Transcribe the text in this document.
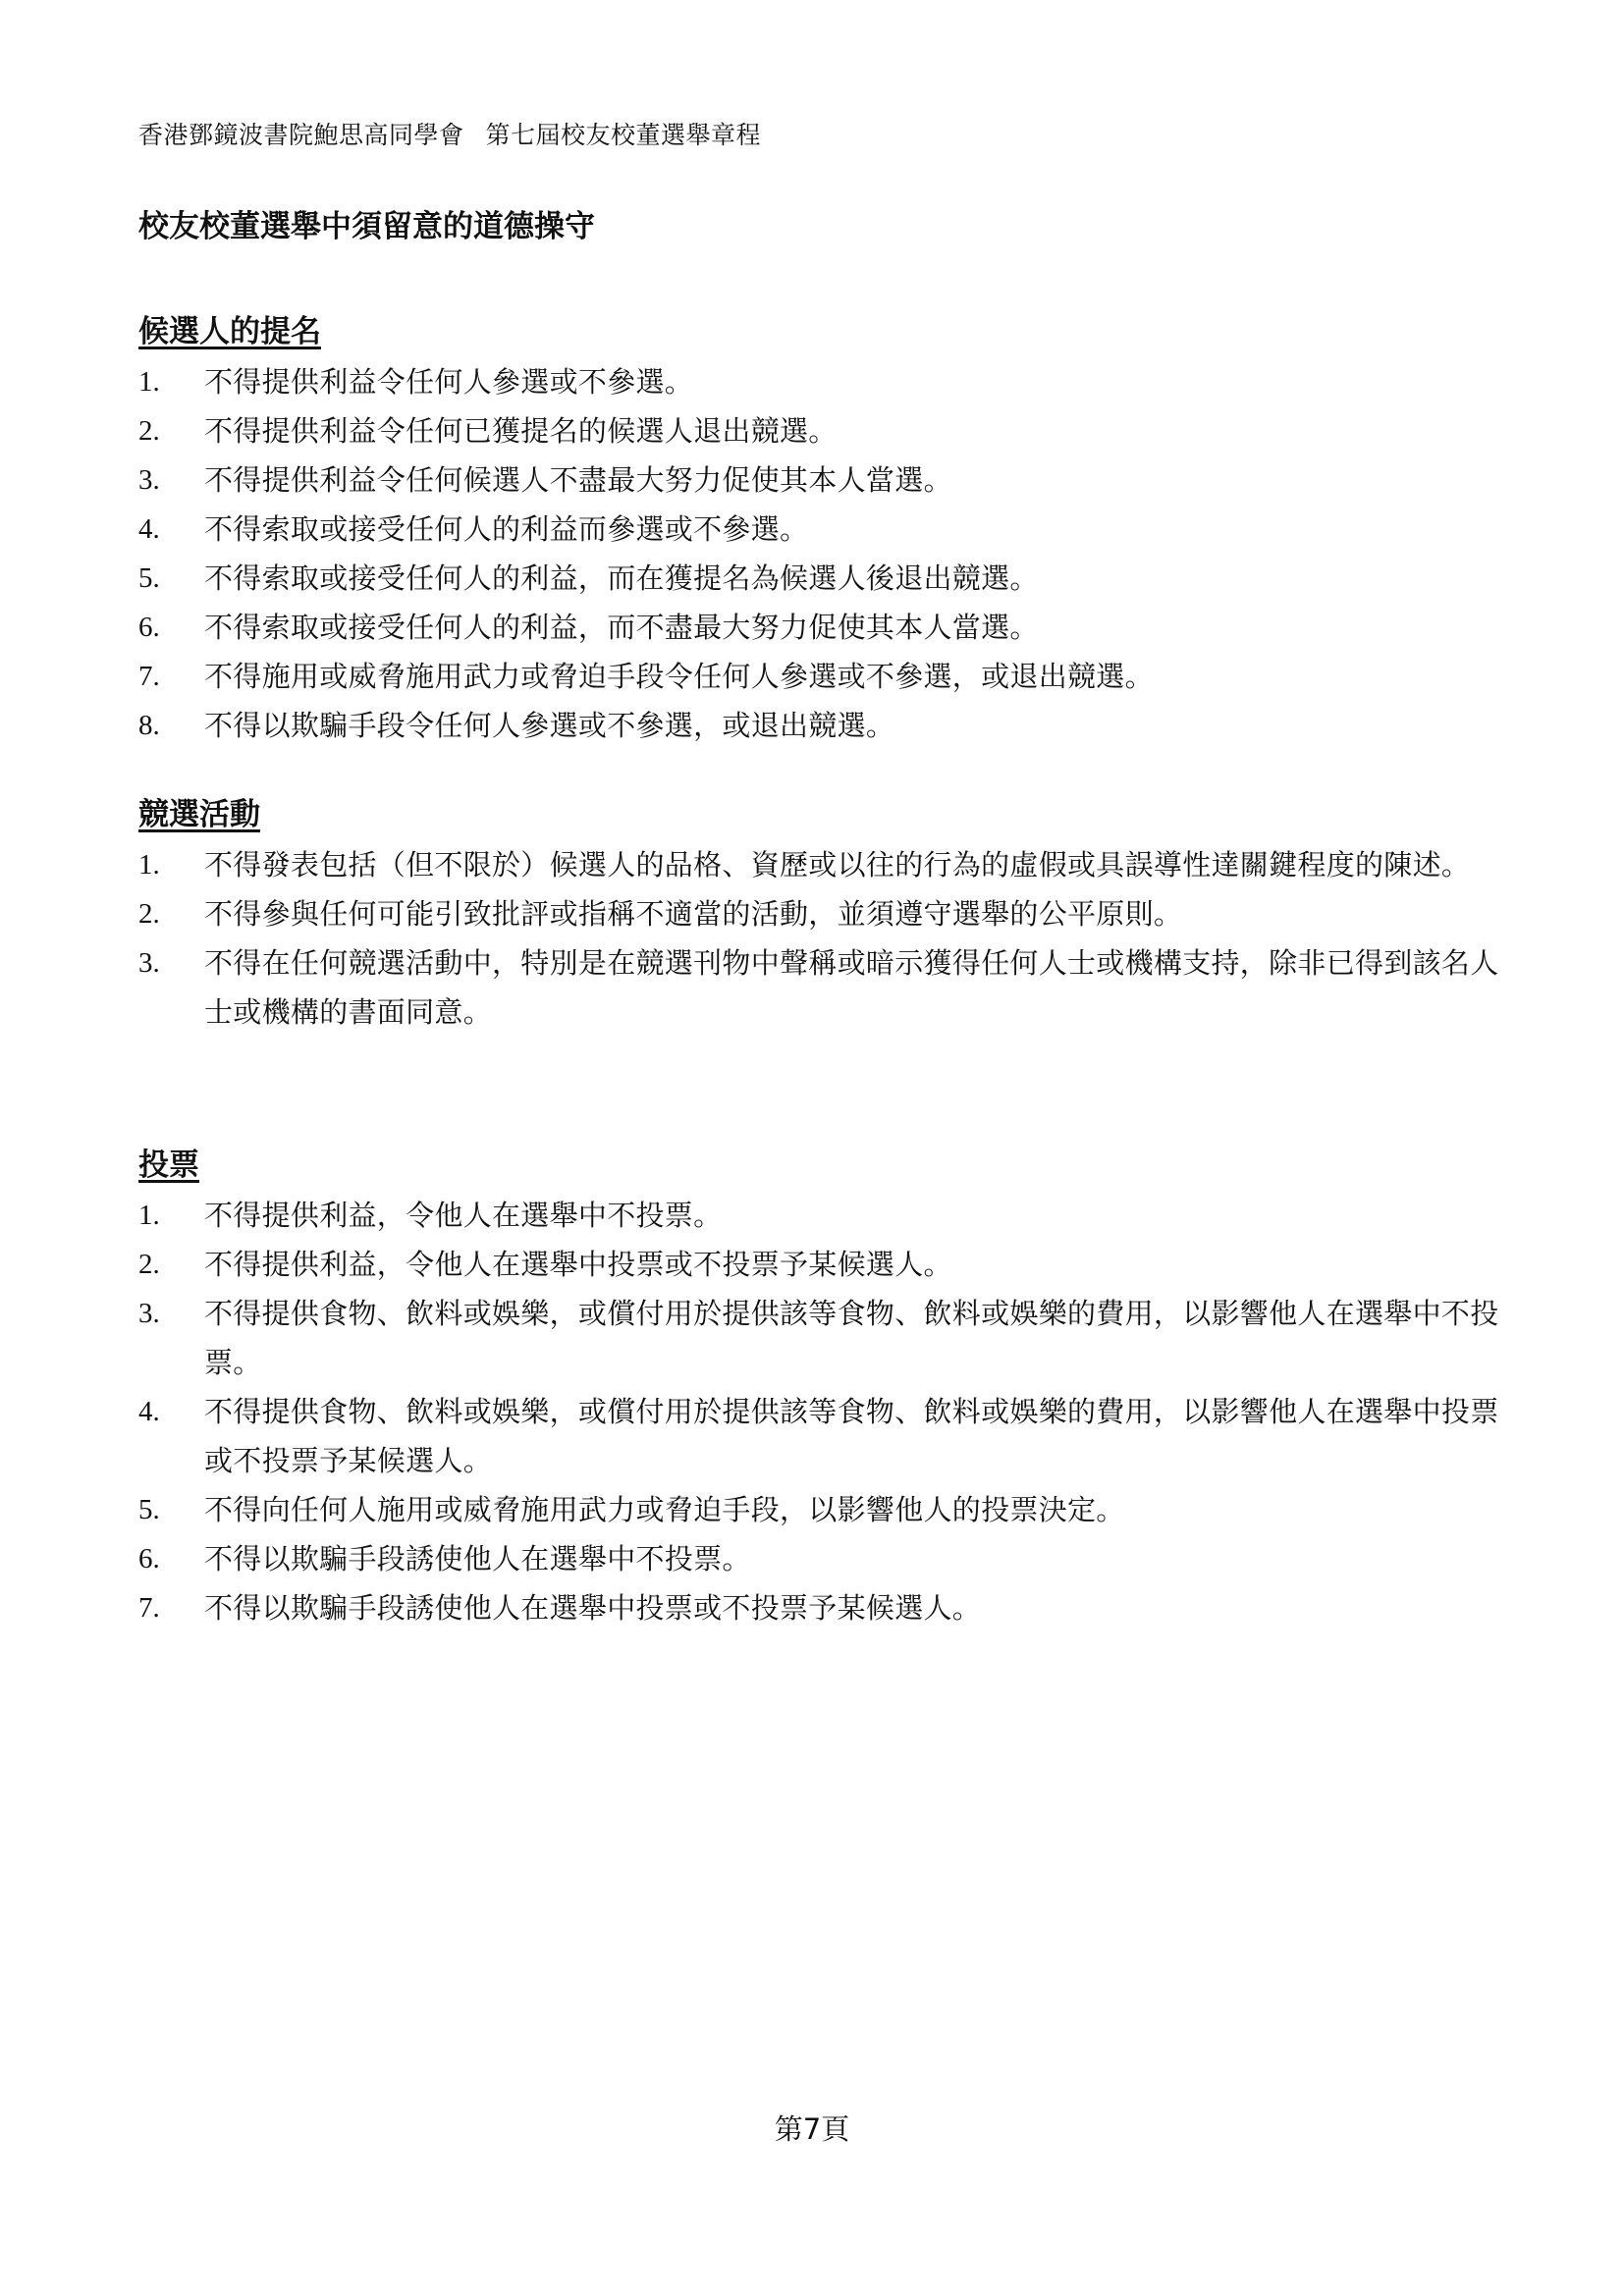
香港鄧鏡波書院鮑思高同學會 第七屆校友校董選舉章程
校友校董選舉中須留意的道德操守
候選人的提名
1.	不得提供利益令任何人參選或不參選。
2.	不得提供利益令任何已獲提名的候選人退出競選。
3.	不得提供利益令任何候選人不盡最大努力促使其本人當選。
4.	不得索取或接受任何人的利益而參選或不參選。
5.	不得索取或接受任何人的利益，而在獲提名為候選人後退出競選。
6.	不得索取或接受任何人的利益，而不盡最大努力促使其本人當選。
7.	不得施用或威脅施用武力或脅迫手段令任何人參選或不參選，或退出競選。
8.	不得以欺騙手段令任何人參選或不參選，或退出競選。
競選活動
1.	不得發表包括（但不限於）候選人的品格、資歷或以往的行為的虛假或具誤導性達關鍵程度的陳述。
2.	不得參與任何可能引致批評或指稱不適當的活動，並須遵守選舉的公平原則。
3.	不得在任何競選活動中，特別是在競選刊物中聲稱或暗示獲得任何人士或機構支持，除非已得到該名人士或機構的書面同意。
投票
1.	不得提供利益，令他人在選舉中不投票。
2.	不得提供利益，令他人在選舉中投票或不投票予某候選人。
3.	不得提供食物、飲料或娛樂，或償付用於提供該等食物、飲料或娛樂的費用，以影響他人在選舉中不投票。
4.	不得提供食物、飲料或娛樂，或償付用於提供該等食物、飲料或娛樂的費用，以影響他人在選舉中投票或不投票予某候選人。
5.	不得向任何人施用或威脅施用武力或脅迫手段，以影響他人的投票決定。
6.	不得以欺騙手段誘使他人在選舉中不投票。
7.	不得以欺騙手段誘使他人在選舉中投票或不投票予某候選人。
第7頁
